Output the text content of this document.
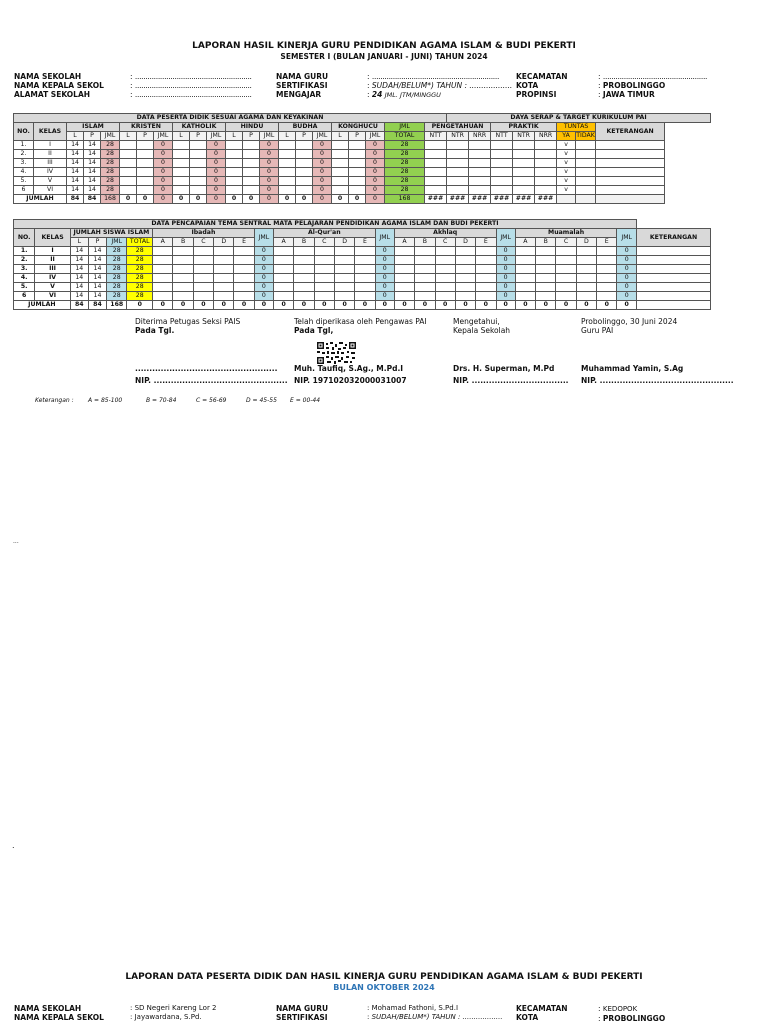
LAPORAN HASIL KINERJA GURU PENDIDIKAN AGAMA ISLAM & BUDI PEKERTI
SEMESTER I (BULAN JANUARI - JUNI) TAHUN 2024
NAMA SEKOLAH
NAMA KEPALA SEKOL
ALAMAT SEKOLAH
: ........................................................
: ........................................................
: ........................................................
NAMA GURU
SERTIFIKASI
MENGAJAR
: .............................................................
: SUDAH/BELUM*) TAHUN : ..................
: 24 JML. JTM/MINGGU
KECAMATAN
KOTA
PROPINSI
: ..................................................
: PROBOLINGGO
: JAWA TIMUR
DATA PESERTA DIDIK SESUAI AGAMA DAN KEYAKINAN																						DAYA SERAP & TARGET KURIKULUM PAI							
NO.	KELAS	ISLAM			KRISTEN			KATHOLIK			HINDU			BUDHA			KONGHUCU			JML	PENGETAHUAN			PRAKTIK			TUNTAS		KETERANGAN
		L	P	JML	L	P	JML	L	P	JML	L	P	JML	L	P	JML	L	P	JML	TOTAL	NTT	NTR	NRR	NTT	NTR	NRR	YA	TIDAK	
1.	I	14	14	28			0			0			0			0			0	28							v		
2.	II	14	14	28			0			0			0			0			0	28							v		
3.	III	14	14	28			0			0			0			0			0	28							v		
4.	IV	14	14	28			0			0			0			0			0	28							v		
5.	V	14	14	28			0			0			0			0			0	28							v		
6	VI	14	14	28			0			0			0			0			0	28							v		
JUMLAH		84	84	168	0	0	0	0	0	0	0	0	0	0	0	0	0	0	0	168	###	###	###	###	###	###			
DATA PENCAPAIAN TEMA SENTRAL MATA PELAJARAN PENDIDIKAN AGAMA ISLAM DAN BUDI PEKERTI																														
NO.	KELAS	JUMLAH SISWA ISLAM				Ibadah					JML	Al-Qur'an					JML	Akhlaq					JML	Muamalah					JML	KETERANGAN
		L	P	JML	TOTAL	A	B	C	D	E		A	B	C	D	E		A	B	C	D	E		A	B	C	D	E		
1.	I	14	14	28	28						0						0						0						0	
2.	II	14	14	28	28						0						0						0						0	
3.	III	14	14	28	28						0						0						0						0	
4.	IV	14	14	28	28						0						0						0						0	
5.	V	14	14	28	28						0						0						0						0	
6	VI	14	14	28	28						0						0						0						0	
JUMLAH		84	84	168	0	0	0	0	0	0	0	0	0	0	0	0	0	0	0	0	0	0	0	0	0	0	0	0	0	
Diterima Petugas Seksi PAIS
Pada Tgl.
Telah diperikasa oleh Pengawas PAI
Pada Tgl,
Mengetahui,
Kepala Sekolah
Probolinggo, 30 Juni 2024
Guru PAI
.................................................. Muh. Taufiq, S.Ag., M.Pd.I	Drs. H. Superman, M.Pd	Muhammad Yamin, S.Ag
NIP. ............................................... NIP. 197102032000031007	NIP. .................................. NIP. ...............................................
Keterangan : A = 85-100	B = 70-84	C = 56-69	D = 45-55 E = 00-44
...
.
LAPORAN DATA PESERTA DIDIK DAN HASIL KINERJA GURU PENDIDIKAN AGAMA ISLAM & BUDI PEKERTI
BULAN OKTOBER 2024
NAMA SEKOLAH
NAMA KEPALA SEKOL
: SD Negeri Kareng Lor 2
: Jayawardana, S.Pd.
NAMA GURU
SERTIFIKASI
: Mohamad Fathoni, S.Pd.I
: SUDAH/BELUM*) TAHUN : ..................
KECAMATAN
KOTA
: KEDOPOK
: PROBOLINGGO
